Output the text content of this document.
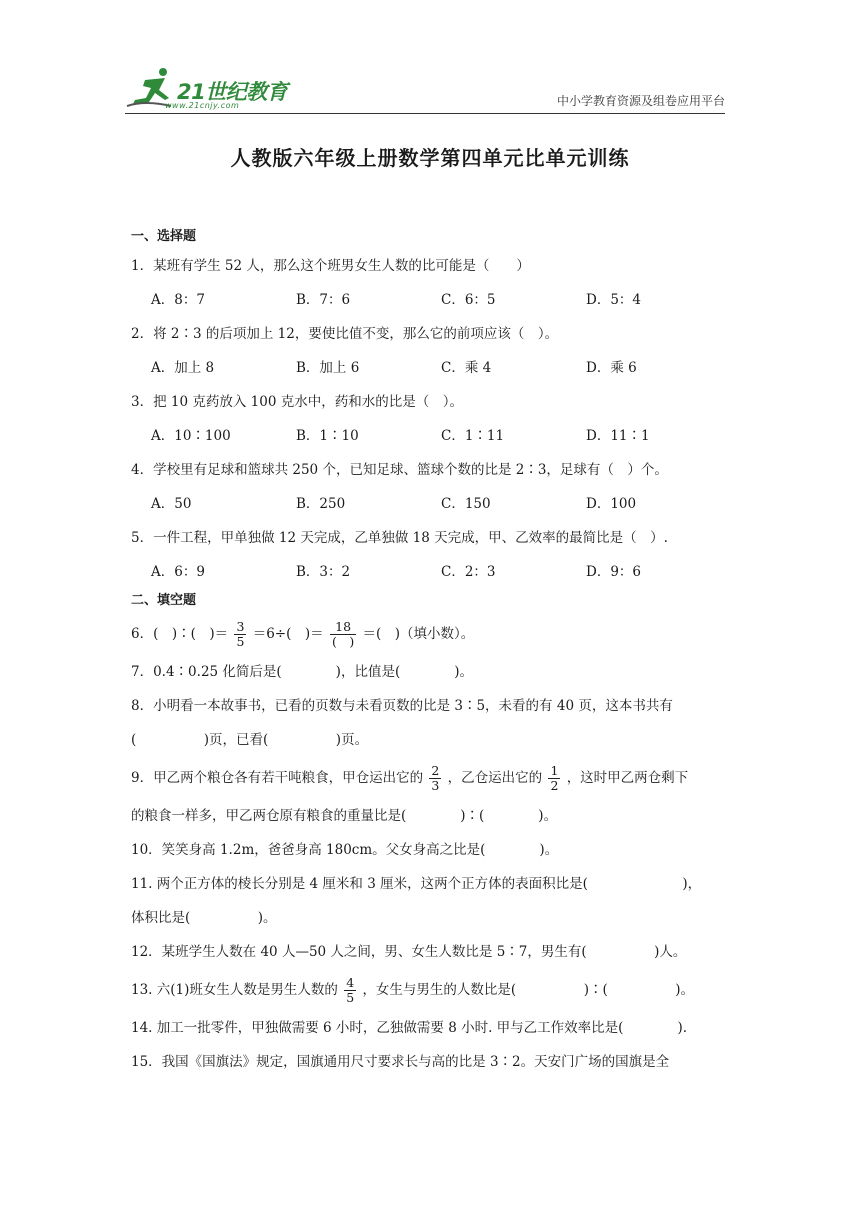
21世纪教育
www.21cnjy.com	中小学教育资源及组卷应用平台
人教版六年级上册数学第四单元比单元训练
一、选择题
1．某班有学生 52 人，那么这个班男女生人数的比可能是（　　）
A．8：7	B．7：6	C．6：5	D．5：4
2．将 2∶3 的后项加上 12，要使比值不变，那么它的前项应该（　）。
A．加上 8	B．加上 6	C．乘 4	D．乘 6
3．把 10 克药放入 100 克水中，药和水的比是（　）。
A．10∶100	B．1∶10	C．1∶11	D．11∶1
4．学校里有足球和篮球共 250 个，已知足球、篮球个数的比是 2∶3，足球有（　）个。
A．50	B．250	C．150	D．100
5．一件工程，甲单独做 12 天完成，乙单独做 18 天完成，甲、乙效率的最简比是（　）.
A．6：9	B．3：2	C．2：3	D．9：6
二、填空题
6．(　)∶(　)＝ $\frac{3}{5} =6\div$(　)＝ $\frac{18}{( )}$ ＝(　)（填小数）。
7．0.4∶0.25 化简后是(　　　　)，比值是(　　　　)。
8．小明看一本故事书，已看的页数与未看页数的比是 3∶5，未看的有 40 页，这本书共有
(　　　　　)页，已看(　　　　　)页。
9．甲乙两个粮仓各有若干吨粮食，甲仓运出它的 $\frac{2}{3}$ ，乙仓运出它的 $\frac{1}{2}$ ，这时甲乙两仓剩下
的粮食一样多，甲乙两仓原有粮食的重量比是(　　　　)∶(　　　　)。
10．笑笑身高 1.2m，爸爸身高 180cm。父女身高之比是(　　　　)。
11. 两个正方体的棱长分别是 4 厘米和 3 厘米，这两个正方体的表面积比是(　　　　　　　)，
体积比是(　　　　　)。
12．某班学生人数在 40 人—50 人之间，男、女生人数比是 5∶7，男生有(　　　　　)人。
13. 六(1)班女生人数是男生人数的 $\frac{4}{5}$ ，女生与男生的人数比是(　　　　　)∶(　　　　　)。
14. 加工一批零件，甲独做需要 6 小时，乙独做需要 8 小时. 甲与乙工作效率比是(　　　　).
15．我国《国旗法》规定，国旗通用尺寸要求长与高的比是 3∶2。天安门广场的国旗是全
